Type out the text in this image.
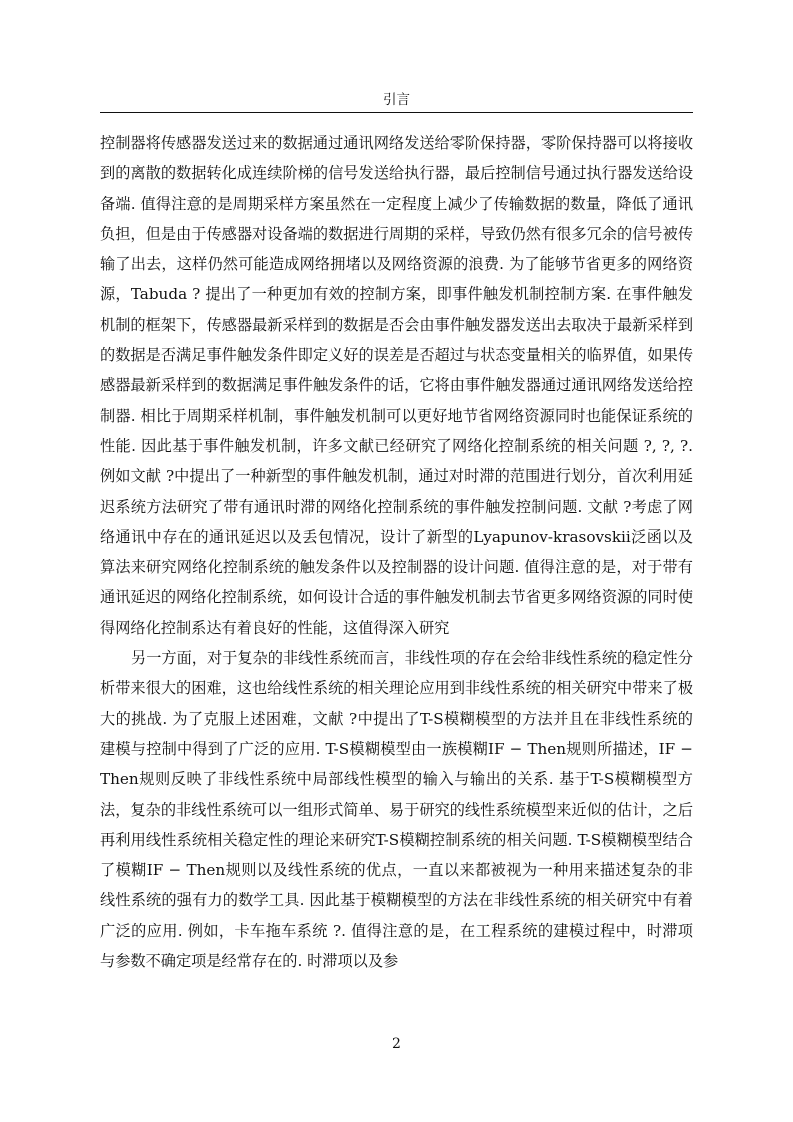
引言

控制器将传感器发送过来的数据通过通讯网络发送给零阶保持器，零阶保持器可以将接收到的离散的数据转化成连续阶梯的信号发送给执行器，最后控制信号通过执行器发送给设备端. 值得注意的是周期采样方案虽然在一定程度上减少了传输数据的数量，降低了通讯负担，但是由于传感器对设备端的数据进行周期的采样，导致仍然有很多冗余的信号被传输了出去，这样仍然可能造成网络拥堵以及网络资源的浪费. 为了能够节省更多的网络资源，Tabuda ? 提出了一种更加有效的控制方案，即事件触发机制控制方案. 在事件触发机制的框架下，传感器最新采样到的数据是否会由事件触发器发送出去取决于最新采样到的数据是否满足事件触发条件即定义好的误差是否超过与状态变量相关的临界值，如果传感器最新采样到的数据满足事件触发条件的话，它将由事件触发器通过通讯网络发送给控制器. 相比于周期采样机制，事件触发机制可以更好地节省网络资源同时也能保证系统的性能. 因此基于事件触发机制，许多文献已经研究了网络化控制系统的相关问题 ?, ?, ?. 例如文献 ?中提出了一种新型的事件触发机制，通过对时滞的范围进行划分，首次利用延迟系统方法研究了带有通讯时滞的网络化控制系统的事件触发控制问题. 文献 ?考虑了网络通讯中存在的通讯延迟以及丢包情况，设计了新型的Lyapunov-krasovskii泛函以及算法来研究网络化控制系统的触发条件以及控制器的设计问题. 值得注意的是，对于带有通讯延迟的网络化控制系统，如何设计合适的事件触发机制去节省更多网络资源的同时使得网络化控制系达有着良好的性能，这值得深入研究

另一方面，对于复杂的非线性系统而言，非线性项的存在会给非线性系统的稳定性分析带来很大的困难，这也给线性系统的相关理论应用到非线性系统的相关研究中带来了极大的挑战. 为了克服上述困难，文献 ?中提出了T-S模糊模型的方法并且在非线性系统的建模与控制中得到了广泛的应用. T-S模糊模型由一族模糊IF − Then规则所描述，IF − Then规则反映了非线性系统中局部线性模型的输入与输出的关系. 基于T-S模糊模型方法，复杂的非线性系统可以一组形式简单、易于研究的线性系统模型来近似的估计，之后再利用线性系统相关稳定性的理论来研究T-S模糊控制系统的相关问题. T-S模糊模型结合了模糊IF − Then规则以及线性系统的优点，一直以来都被视为一种用来描述复杂的非线性系统的强有力的数学工具. 因此基于模糊模型的方法在非线性系统的相关研究中有着广泛的应用. 例如，卡车拖车系统 ?. 值得注意的是，在工程系统的建模过程中，时滞项与参数不确定项是经常存在的. 时滞项以及参

2
